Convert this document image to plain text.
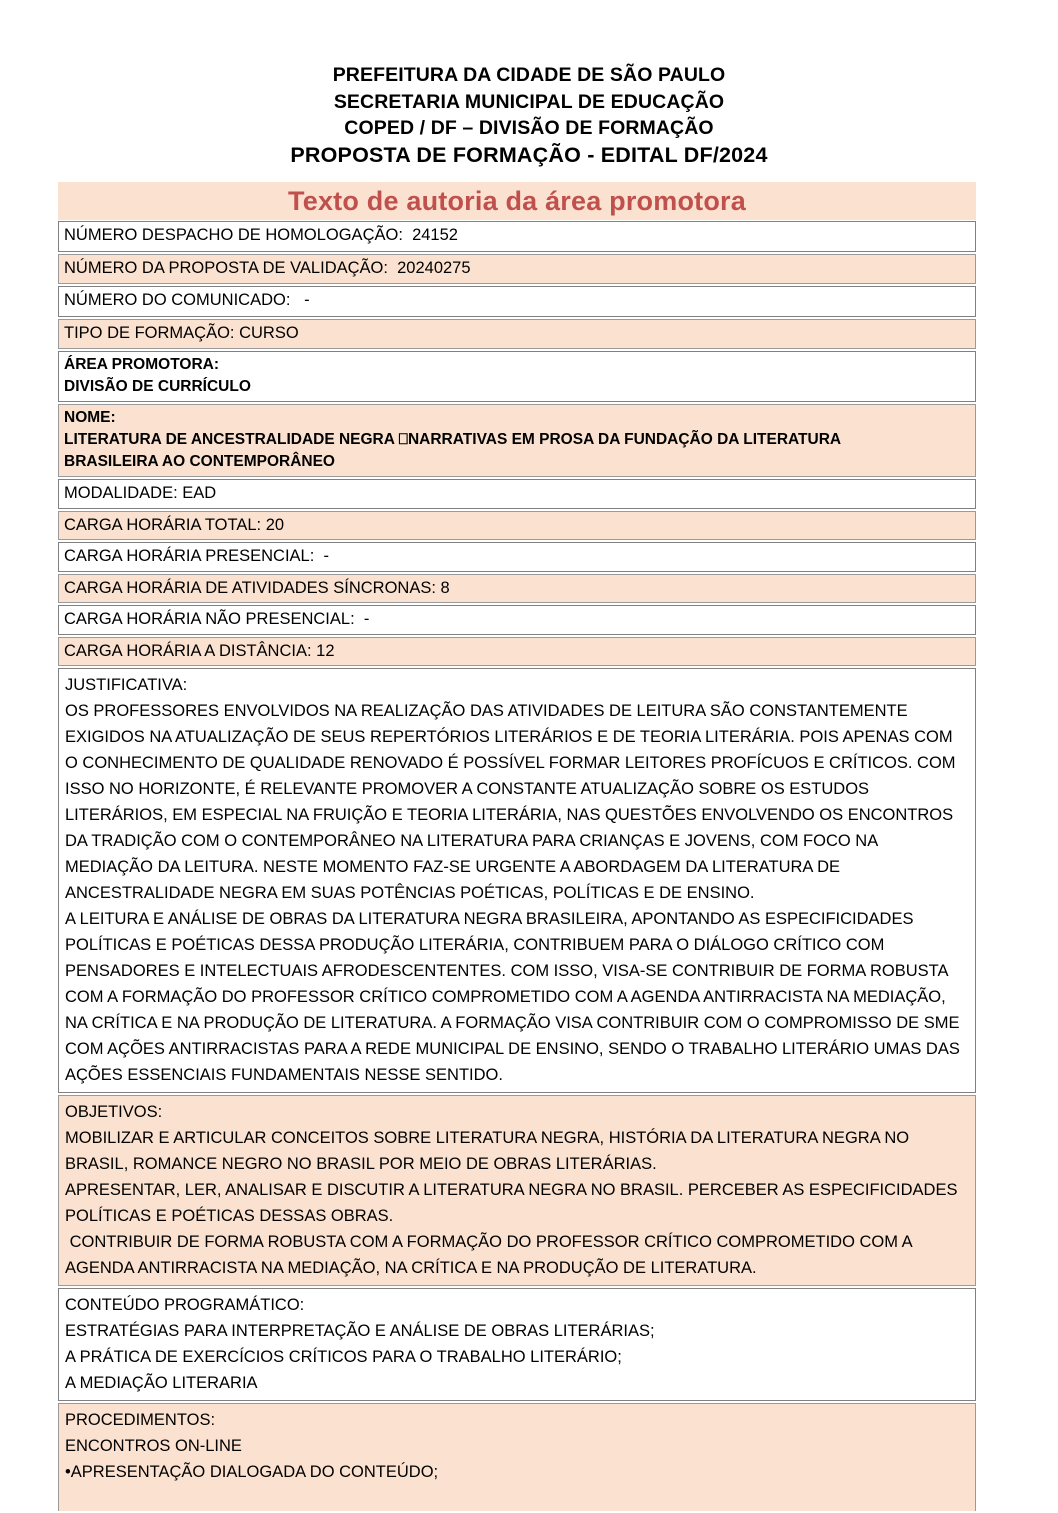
PREFEITURA DA CIDADE DE SÃO PAULO
SECRETARIA MUNICIPAL DE EDUCAÇÃO
COPED / DF – DIVISÃO DE FORMAÇÃO
PROPOSTA DE FORMAÇÃO - EDITAL DF/2024
Texto de autoria da área promotora
NÚMERO DESPACHO DE HOMOLOGAÇÃO:  24152
NÚMERO DA PROPOSTA DE VALIDAÇÃO:  20240275
NÚMERO DO COMUNICADO:   -
TIPO DE FORMAÇÃO: CURSO
ÁREA PROMOTORA:
DIVISÃO DE CURRÍCULO
NOME:
LITERATURA DE ANCESTRALIDADE NEGRA ⎕NARRATIVAS EM PROSA DA FUNDAÇÃO DA LITERATURA
BRASILEIRA AO CONTEMPORÂNEO
MODALIDADE: EAD
CARGA HORÁRIA TOTAL: 20
CARGA HORÁRIA PRESENCIAL:  -
CARGA HORÁRIA DE ATIVIDADES SÍNCRONAS: 8
CARGA HORÁRIA NÃO PRESENCIAL:  -
CARGA HORÁRIA A DISTÂNCIA: 12
JUSTIFICATIVA:
OS PROFESSORES ENVOLVIDOS NA REALIZAÇÃO DAS ATIVIDADES DE LEITURA SÃO CONSTANTEMENTE EXIGIDOS NA ATUALIZAÇÃO DE SEUS REPERTÓRIOS LITERÁRIOS E DE TEORIA LITERÁRIA. POIS APENAS COM O CONHECIMENTO DE QUALIDADE RENOVADO É POSSÍVEL FORMAR LEITORES PROFÍCUOS E CRÍTICOS. COM ISSO NO HORIZONTE, É RELEVANTE PROMOVER A CONSTANTE ATUALIZAÇÃO SOBRE OS ESTUDOS LITERÁRIOS, EM ESPECIAL NA FRUIÇÃO E TEORIA LITERÁRIA, NAS QUESTÕES ENVOLVENDO OS ENCONTROS DA TRADIÇÃO COM O CONTEMPORÂNEO NA LITERATURA PARA CRIANÇAS E JOVENS, COM FOCO NA MEDIAÇÃO DA LEITURA. NESTE MOMENTO FAZ-SE URGENTE A ABORDAGEM DA LITERATURA DE ANCESTRALIDADE NEGRA EM SUAS POTÊNCIAS POÉTICAS, POLÍTICAS E DE ENSINO.
A LEITURA E ANÁLISE DE OBRAS DA LITERATURA NEGRA BRASILEIRA, APONTANDO AS ESPECIFICIDADES POLÍTICAS E POÉTICAS DESSA PRODUÇÃO LITERÁRIA, CONTRIBUEM PARA O DIÁLOGO CRÍTICO COM PENSADORES E INTELECTUAIS AFRODESCENTENTES. COM ISSO, VISA-SE CONTRIBUIR DE FORMA ROBUSTA COM A FORMAÇÃO DO PROFESSOR CRÍTICO COMPROMETIDO COM A AGENDA ANTIRRACISTA NA MEDIAÇÃO, NA CRÍTICA E NA PRODUÇÃO DE LITERATURA. A FORMAÇÃO VISA CONTRIBUIR COM O COMPROMISSO DE SME COM AÇÕES ANTIRRACISTAS PARA A REDE MUNICIPAL DE ENSINO, SENDO O TRABALHO LITERÁRIO UMAS DAS AÇÕES ESSENCIAIS FUNDAMENTAIS NESSE SENTIDO.
OBJETIVOS:
MOBILIZAR E ARTICULAR CONCEITOS SOBRE LITERATURA NEGRA, HISTÓRIA DA LITERATURA NEGRA NO BRASIL, ROMANCE NEGRO NO BRASIL POR MEIO DE OBRAS LITERÁRIAS.
APRESENTAR, LER, ANALISAR E DISCUTIR A LITERATURA NEGRA NO BRASIL. PERCEBER AS ESPECIFICIDADES POLÍTICAS E POÉTICAS DESSAS OBRAS.
CONTRIBUIR DE FORMA ROBUSTA COM A FORMAÇÃO DO PROFESSOR CRÍTICO COMPROMETIDO COM A AGENDA ANTIRRACISTA NA MEDIAÇÃO, NA CRÍTICA E NA PRODUÇÃO DE LITERATURA.
CONTEÚDO PROGRAMÁTICO:
ESTRATÉGIAS PARA INTERPRETAÇÃO E ANÁLISE DE OBRAS LITERÁRIAS;
A PRÁTICA DE EXERCÍCIOS CRÍTICOS PARA O TRABALHO LITERÁRIO;
A MEDIAÇÃO LITERARIA
PROCEDIMENTOS:
ENCONTROS ON-LINE
•APRESENTAÇÃO DIALOGADA DO CONTEÚDO;
